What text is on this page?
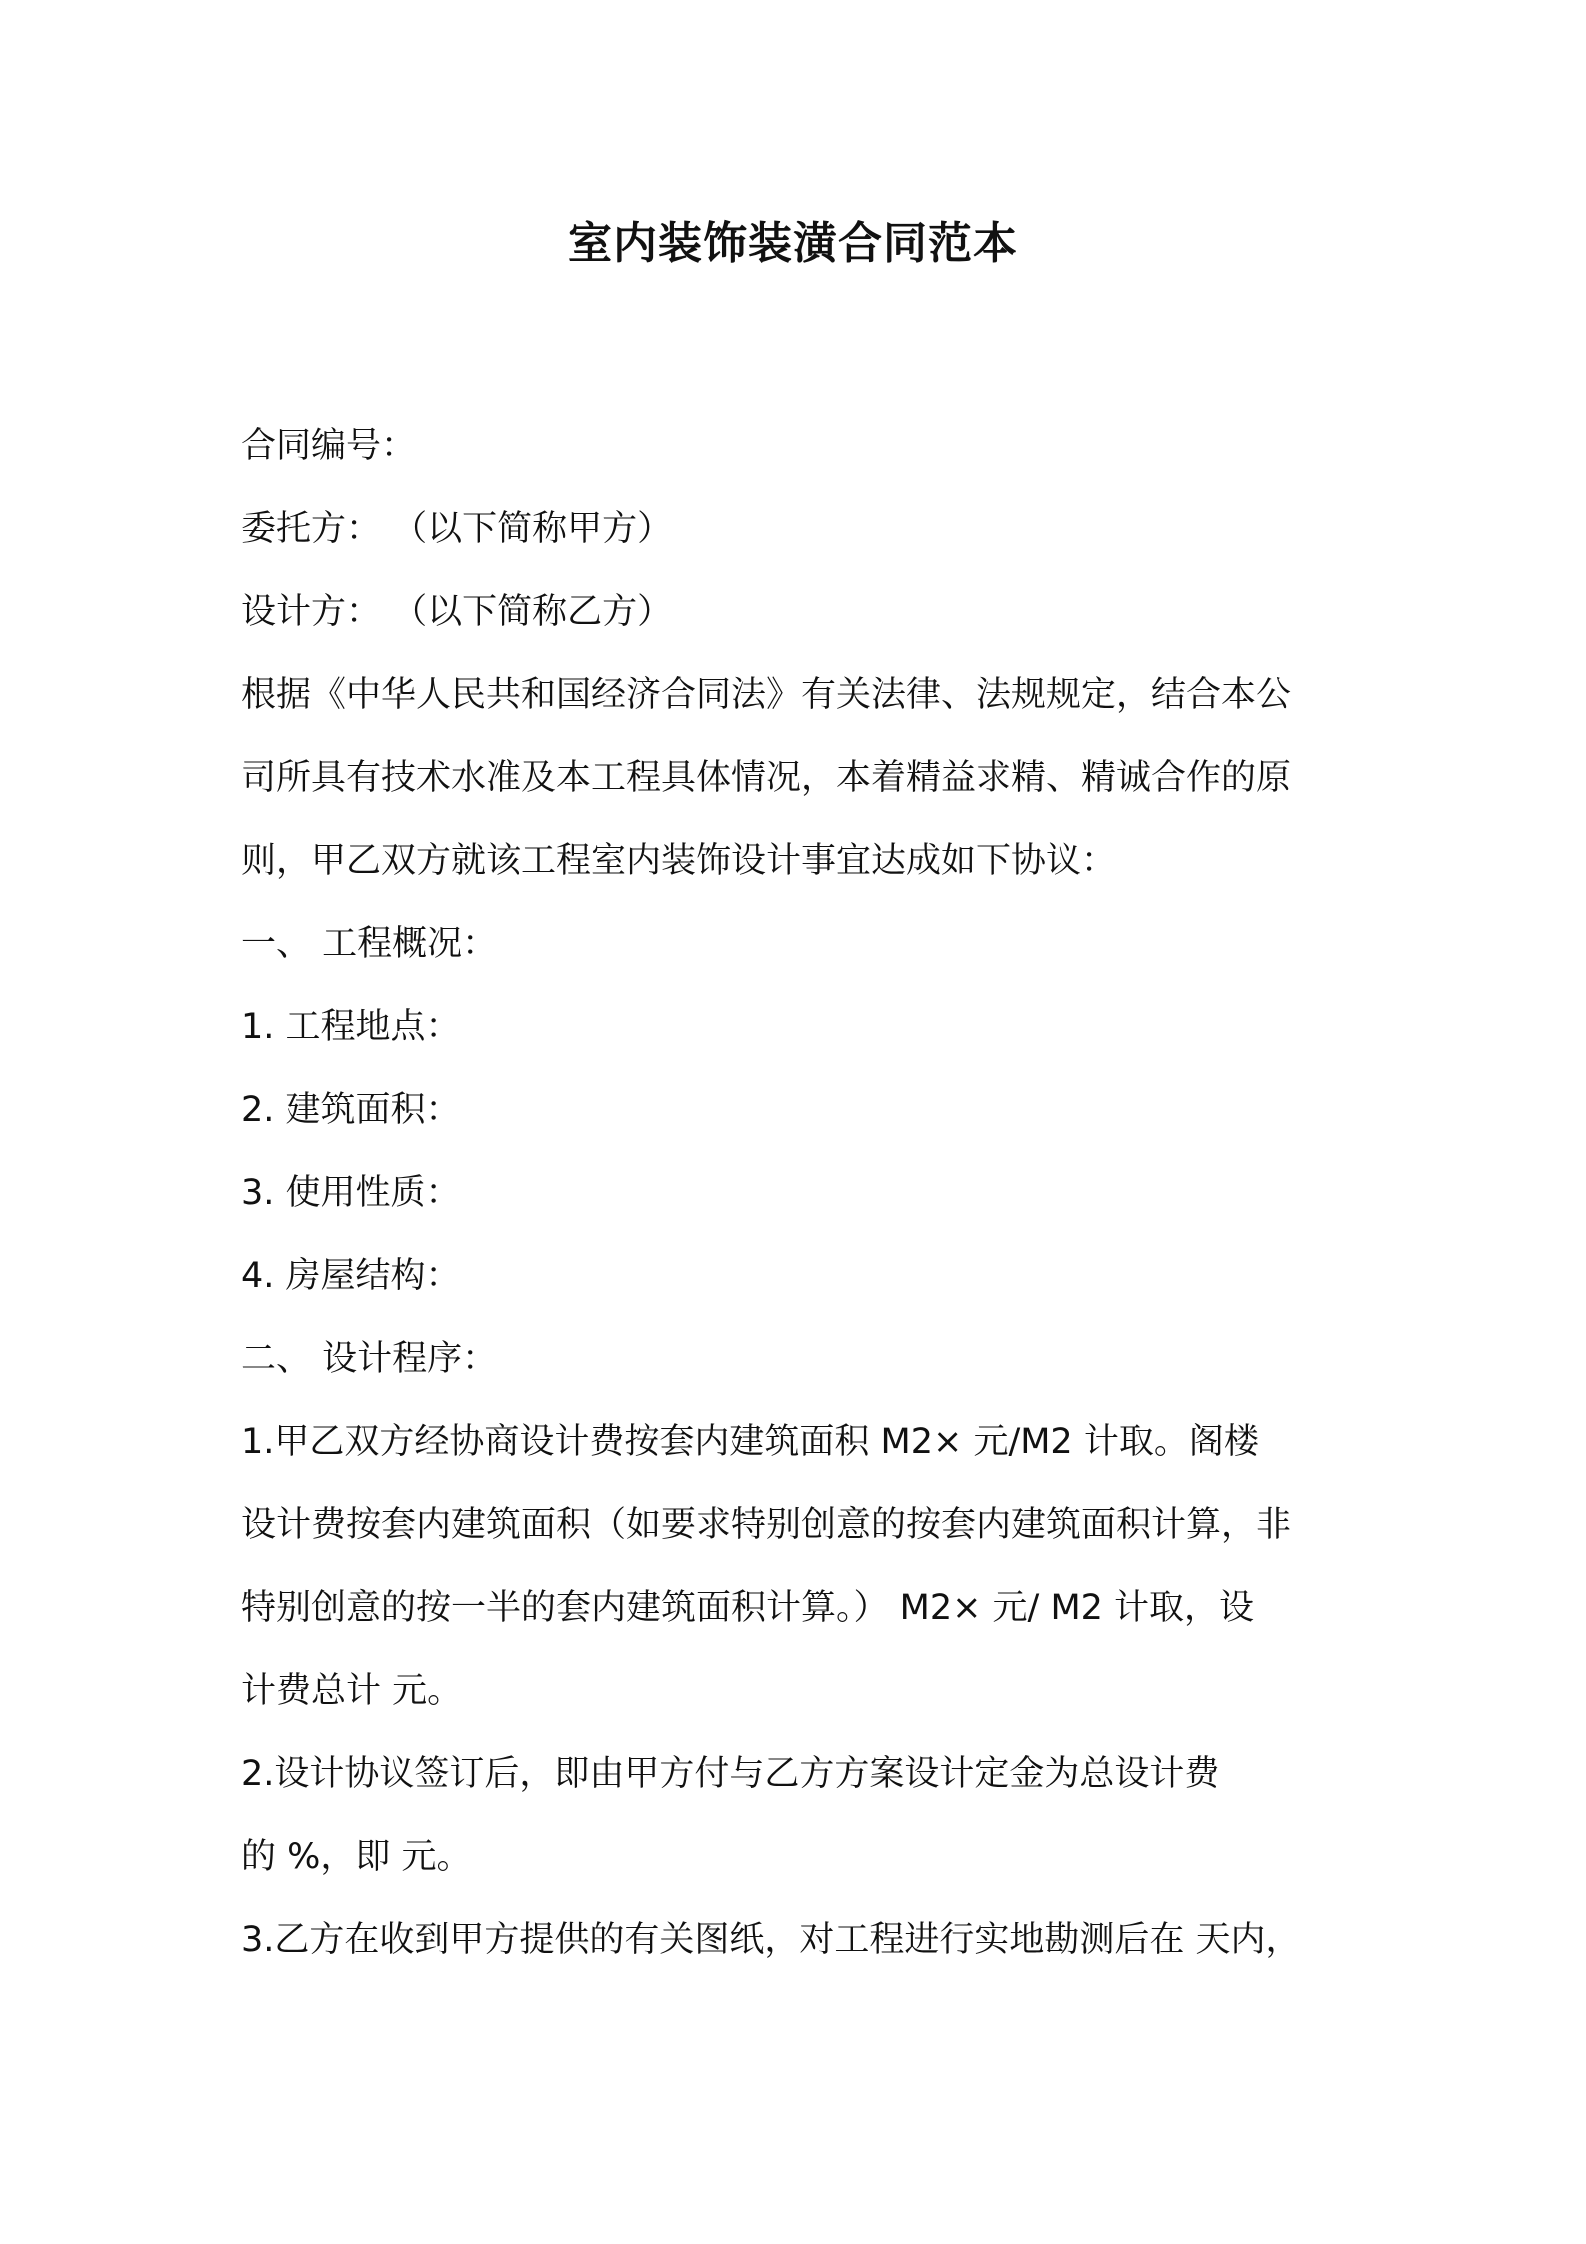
室内装饰装潢合同范本

合同编号：

委托方： （以下简称甲方）

设计方： （以下简称乙方）

根据《中华人民共和国经济合同法》有关法律、法规规定，结合本公

司所具有技术水准及本工程具体情况，本着精益求精、精诚合作的原

则，甲乙双方就该工程室内装饰设计事宜达成如下协议：

一、 工程概况：

1. 工程地点：

2. 建筑面积：

3. 使用性质：

4. 房屋结构：

二、 设计程序：

1.甲乙双方经协商设计费按套内建筑面积 M2× 元/M2 计取。阁楼

设计费按套内建筑面积（如要求特别创意的按套内建筑面积计算，非

特别创意的按一半的套内建筑面积计算。） M2× 元/ M2 计取，设

计费总计 元。

2.设计协议签订后，即由甲方付与乙方方案设计定金为总设计费

的 %，即 元。

3.乙方在收到甲方提供的有关图纸，对工程进行实地勘测后在 天内，
